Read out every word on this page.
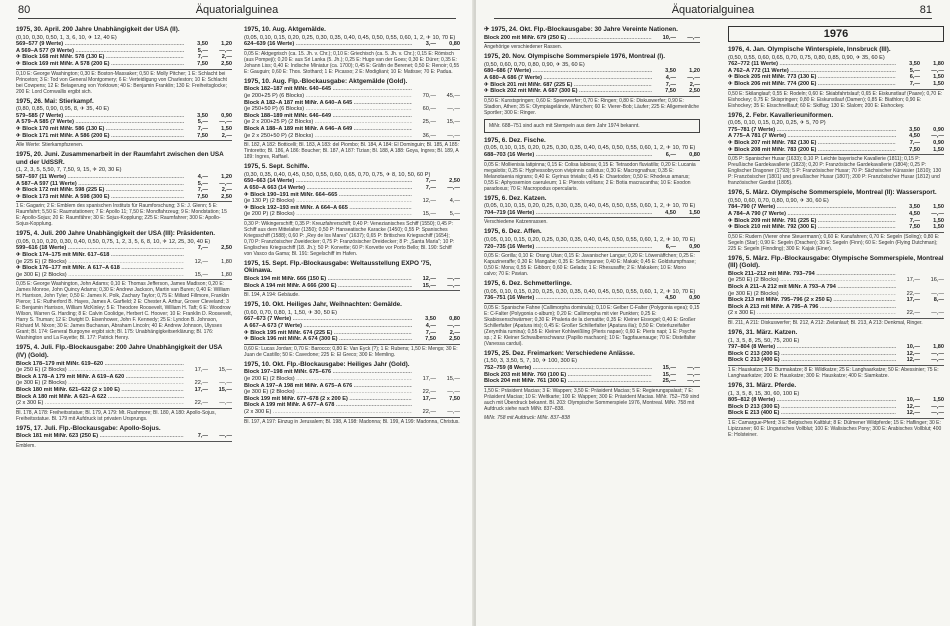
Äquatorialguinea
80
1975, 30. April. 200 Jahre Unabhängigkeit der USA (II).
(0,10, 0,30, 0,50, 1, 3, 6, 10, ✈ 12, 40 E)
569–577 (9 Werte) .....	3,50	1,20
A 569–A 577 (9 Werte) .....	5,—	—,—
✈ Block 168 mit MiNr. 578 (130 E) .....	7,—	2,—
✈ Block 169 mit MiNr. A 578 (200 E) .....	7,50	2,50
0,10 E: George Washington; 0,30 E: Boston-Massaker; 0,50 E: Molly Pitcher; 1 E: Schlacht bei Princeton; 3 E: Tod von General Montgomery; 6 E: Verteidigung von Charleston; 10 E: Schlacht bei Cowpens; 12 E: Belagerung von Yorktown; 40 E: Benjamin Franklin; 130 E: Freiheitsglocke; 200 E: Lord Cornwallis ergibt sich.
1975, 26. Mai: Stierkampf.
(0,80, 0,85, 0,90, 0,95, 8, ✈ 35, 40 E)
579–585 (7 Werte) .....	3,50	0,90
A 579–A 585 (7 Werte) .....	5,—	—,—
✈ Block 170 mit MiNr. 586 (130 E) .....	7,—	1,50
✈ Block 171 mit MiNr. A 586 (200 E) .....	7,50	2,—
Alle Werte: Stierkampfszenen.
1975, 20. Juni. Zusammenarbeit in der Raumfahrt zwischen den USA und der UdSSR.
(1, 2, 3, 5, 5,50, 7, 7,50, 9, 15, ✈ 20, 30 E)
587–597 (11 Werte) .....	4,—	1,20
A 587–A 597 (11 Werte) .....	5,—	—,—
✈ Block 172 mit MiNr. 598 (225 E) .....	7,—	2,—
✈ Block 173 mit MiNr. A 598 (300 E) .....	7,50	2,50
1 E: Gagarin; 2 E: Emblem des spanischen Instituts für Raumforschung; 3 E: J. Glenn; 5 E: Raumfahrt; 5,50 E: Raumstationen; 7 E: Apollo 11; 7,50 E: Mondfahrzeug; 9 E: Mondstation; 15 E: Apollo-Sojus; 20 E: Raumfähre; 30 E: Sojus-Kopplung; 225 E: Raumfahrer; 300 E: Apollo-Sojus-Kopplung.
1975, 4. Juli. 200 Jahre Unabhängigkeit der USA (III): Präsidenten.
(0,05, 0,10, 0,20, 0,30, 0,40, 0,50, 0,75, 1, 2, 3, 5, 6, 8, 10, ✈ 12, 25, 30, 40 E)
599–616 (18 Werte) .....	7,—	2,50
✈ Block 174–175 mit MiNr. 617–618 .....
(je 225 E) (2 Blocks) .....	12,—	1,80
✈ Block 176–177 mit MiNr. A 617–A 618 .....
(je 300 E) (2 Blocks) .....	15,—	1,80
0,05 E: George Washington, John Adams; 0,10 E: Thomas Jefferson, James Madison; 0,20 E: James Monroe, John Quincy Adams; 0,30 E: Andrew Jackson, Martin van Buren; 0,40 E: William H. Harrison, John Tyler; 0,50 E: James K. Polk, Zachary Taylor; 0,75 E: Millard Fillmore, Franklin Pierce; 1 E: Rutherford B. Hayes, James A. Garfield; 2 E: Chester A. Arthur, Grover Cleveland; 3 E: Benjamin Harrison, William McKinley; 5 E: Theodore Roosevelt, William H. Taft; 6 E: Woodrow Wilson, Warren G. Harding; 8 E: Calvin Coolidge, Herbert C. Hoover; 10 E: Franklin D. Roosevelt, Harry S. Truman; 12 E: Dwight D. Eisenhower, John F. Kennedy; 25 E: Lyndon B. Johnson, Richard M. Nixon; 30 E: James Buchanan, Abraham Lincoln; 40 E: Andrew Johnson, Ulysses Grant; Bl. 174: General Burgoyne ergibt sich; Bl. 175: Unabhängigkeitserklärung; Bl. 176: Washington und La Fayette; Bl. 177: Patrick Henry.
1975, 4. Juli. Flp.-Blockausgabe: 200 Jahre Unabhängigkeit der USA (IV) (Gold).
Block 178–179 mit MiNr. 619–620 .....
(je 250 E) (2 Blocks) .....	17,—	15,—
Block A 178–A 179 mit MiNr. A 619–A 620 .....
(je 300 E) (2 Blocks) .....	22,—	—,—
Block 180 mit MiNr. 621–622 (2 x 100 E) .....	17,—	15,—
Block A 180 mit MiNr. A 621–A 622 .....
(2 x 300 E) .....	22,—	—,—
Bl. 178, A 178: Freiheitsstatue; Bl. 179, A 179: Mt. Rushmore; Bl. 180, A 180: Apollo-Sojus, Freiheitsstatue. Bl. 179 mit Aufdruck ist privaten Ursprungs.
1975, 17. Juli. Flp.-Blockausgabe: Apollo-Sojus.
Block 181 mit MiNr. 623 (250 E) .....	7,—	—,—
Emblem.
1975, 10. Aug. Aktgemälde.
(0,05, 0,10, 0,15, 0,20, 0,25, 0,30, 0,35, 0,40, 0,45, 0,50, 0,55, 0,60, 1, 2, ✈ 10, 70 E)
624–639 (16 Werte) .....	3,—	0,80
0,05 E: Aktgegrisch (ca. 15. Jh. v. Chr.); 0,10 E: Griechisch (ca. 5. Jh. v. Chr.); 0,15 E: Römisch (aus Pompeji); 0,20 E: aus Sri Lanka (5. Jh.); 0,25 E: Hugo van der Goes; 0,30 E: Dürer; 0,35 E: Johann Liss; 0,40 E: Indische Miniatur (ca. 1700); 0,45 E: Gräfin de Berenet; 0,50 E: Renoir; 0,55 E: Gauguin; 0,60 E: Thos. Stothard; 1 E: Picasso; 2 E: Modigliani; 10 E: Matisse; 70 E: Padua.
1975, 10. Aug. Flp.-Blockausgabe: Aktgemälde (Gold).
Block 182–187 mit MiNr. 640–645 .....
(je 200+25 P) (6 Blocks) .....	70,—	45,—
Block A 182–A 187 mit MiNr. A 640–A 645 .....
(je 250+50 P) (6 Blocks) .....	60,—	—,—
Block 188–189 mit MiNr. 646–649 .....
(je 2 x 200+25 P) (2 Blocks) .....	25,—	15,—
Block A 188–A 189 mit MiNr. A 646–A 649 .....
(je 2 x 250+50 P) (2 Blocks) .....	36,—	—,—
Bl. 182, A 182: Botticelli; Bl. 183, A 183: del Piombo; Bl. 184, A 184: El Dominguin; Bl. 185, A 185: Tintoretto; Bl. 186, A 186: Boucher; Bl. 187, A 187: Tizian; Bl. 188, A 188: Goya, Ingres; Bl. 189, A 189: Ingres, Raffael.
1975, 5. Sept. Schiffe.
(0,30, 0,35, 0,40, 0,45, 0,50, 0,55, 0,60, 0,65, 0,70, 0,75, ✈ 8, 10, 50, 60 P)
650–663 (14 Werte) .....	7,—	2,50
A 650–A 663 (14 Werte) .....	7,—	—,—
✈ Block 190–191 mit MiNr. 664–665 .....
(je 130 P) (2 Blocks) .....	12,—	4,—
✈ Block 192–193 mit MiNr. A 664–A 665 .....
(je 200 P) (2 Blocks) .....	15,—	5,—
0,30 P: Wikingerschiff; 0,35 P: Kreuzfahrerschiff; 0,40 P: Venezianisches Schiff (1550); 0,45 P: Schiff aus dem Mittelalter (1350); 0,50 P: Hanseatische Karacke (1450); 0,55 P: Spanisches Kriegsschiff (1588); 0,60 P: „Rey de los Mares“ (1637); 0,65 P: Britisches Kriegsschiff (1654); 0,70 P: Französischer Zweidecker; 0,75 P: Französischer Dreidecker; 8 P: „Santa Maria“; 10 P: Englisches Kriegsschiff (18. Jh.); 50 P: Korvette; 60 P: Korvette vor Porto Bello; Bl. 190: Schiff von Vasco da Gama; Bl. 191: Segelschiff im Hafen.
1975, 15. Sept. Flp.-Blockausgabe: Weltausstellung EXPO '75, Okinawa.
Block 194 mit MiNr. 666 (150 E) .....	12,—	—,—
Block A 194 mit MiNr. A 666 (200 E) .....	15,—	—,—
Bl. 194, A 194: Gebäude.
1975, 10. Okt. Heiliges Jahr, Weihnachten: Gemälde.
(0,60, 0,70, 0,80, 1, 1,50, ✈ 30, 50 E)
667–673 (7 Werte) .....	3,50	0,80
A 667–A 673 (7 Werte) .....	4,—	—,—
✈ Block 195 mit MiNr. 674 (225 E) .....	7,—	2,—
✈ Block 196 mit MiNr. A 674 (300 E) .....	7,50	2,50
0,60 E: Lucas Jordan; 0,70 E: Barocco; 0,80 E: Van Eyck (?); 1 E: Rubens; 1,50 E: Mengs; 30 E: Juan de Castillo; 50 E: Cavedone; 225 E: El Greco; 300 E: Memling.
1975, 10. Okt. Flp.-Blockausgabe: Heiliges Jahr (Gold).
Block 197–198 mit MiNr. 675–676 .....
(je 200 E) (2 Blocks) .....	17,—	15,—
Block A 197–A 198 mit MiNr. A 675–A 676 .....
(je 300 E) (2 Blocks) .....	22,—	—,—
Block 199 mit MiNr. 677–678 (2 x 200 E) .....	17,—	7,50
Block A 199 mit MiNr. A 677–A 678 .....
(2 x 300 E) .....	22,—	—,—
Bl. 197, A 197: Einzug in Jerusalem; Bl. 198, A 198: Madonna; Bl. 199, A 199: Madonna, Christus.
Äquatorialguinea	81
✈ 1975, 24. Okt. Flp.-Blockausgabe: 30 Jahre Vereinte Nationen.
Block 200 mit MiNr. 679 (250 E) .....	10,—	—,—
Angehörige verschiedener Rassen.
1975, 20. Nov. Olympische Sommerspiele 1976, Montreal (I).
(0,50, 0,60, 0,70, 0,80, 0,90, ✈ 35, 60 E)
680–686 (7 Werte) .....	3,50	1,20
A 680–A 686 (7 Werte) .....	4,—	—,—
✈ Block 201 mit MiNr. 687 (225 E) .....	7,—	2,—
✈ Block 202 mit MiNr. A 687 (300 E) .....	7,50	2,50
0,50 E: Kunstspringen; 0,60 E: Speerwerfer; 0,70 E: Ringen; 0,80 E: Diskuswerfer; 0,90 E: Stadion, Athen; 35 E: Olympiagelände, München; 60 E: Vierer-Bob; Läufer; 225 E: Allgemeinliche Sportler; 300 E: Ringer.
MiNr. 688–751 sind auch mit Stempeln aus dem Jahr 1974 bekannt.
1975, 6. Dez. Fische.
(0,05, 0,10, 0,15, 0,20, 0,25, 0,30, 0,35, 0,40, 0,45, 0,50, 0,55, 0,60, 1, 2, ✈ 10, 70 E)
688–703 (16 Werte) .....	6,—	0,80
0,05 E: Mollienisia latipinna; 0,15 E: Colisa labiosa; 0,15 E: Tetraodon fluviatilis; 0,20 E: Lucania megalotis; 0,25 E: Hyphessobrycon vivipinnis callistus; 0,30 E: Macrognathus; 0,35 E: Melanotaenia nigrans; 0,40 E: Gyrinus trivialis; 0,45 E: Chaetodon; 0,50 E: Rhodeus amarus; 0,55 E: Aphyosemion caeruleum; 1 E: Pterois volitans; 2 E: Botia macracantha; 10 E: Exodon paradoxus; 70 E: Macropodus opercularis.
1975, 6. Dez. Katzen.
(0,05, 0,10, 0,15, 0,20, 0,25, 0,30, 0,35, 0,40, 0,45, 0,50, 0,55, 0,60, 1, 2, ✈ 10, 70 E)
704–719 (16 Werte) .....	4,50	1,50
Verschiedene Katzenrassen.
1975, 6. Dez. Affen.
(0,05, 0,10, 0,15, 0,20, 0,25, 0,30, 0,35, 0,40, 0,45, 0,50, 0,55, 0,60, 1, 2, ✈ 10, 70 E)
720–735 (16 Werte) .....	6,—	0,90
0,05 E: Gorilla; 0,10 E: Orang Utan; 0,15 E: Javanischer Langur; 0,20 E: Löwenäffchen; 0,25 E: Kapuzineraffe; 0,30 E: Mangabe; 0,35 E: Schimpanse; 0,40 E: Makak; 0,45 E: Goldstumpfnase; 0,50 E: Mona; 0,55 E: Gibbon; 0,60 E: Gelada; 1 E: Rhesusaffe; 2 E: Makaken; 10 E: Mono calvo; 70 E: Pavian.
1975, 6. Dez. Schmetterlinge.
(0,05, 0,10, 0,15, 0,20, 0,25, 0,30, 0,35, 0,40, 0,45, 0,50, 0,55, 0,60, 1, 2, ✈ 10, 70 E)
736–751 (16 Werte) .....	4,50	0,90
0,05 E: Spanische Fahne (Callimorpha dominula); 0,10 E: Gelber C-Falter (Polygonia egea); 0,15 E: C-Falter (Polygonia c-album); 0,20 E: Callimorpha mit vier Punkten; 0,25 E: Skabiosenschwärmer; 0,30 E: Phaleria de la clematite; 0,35 E: Kleiner Eisvogel; 0,40 E: Großer Schillerfalter (Apatura iris); 0,45 E: Großer Schillerfalter (Apatura ilia); 0,50 E: Osterluzeifalter (Zerynthia rumina); 0,55 E: Kleiner Kohlweißling (Pieris napae); 0,60 E: Pieris napi; 1 E: Psyche sp.; 2 E: Kleiner Schwalbenschwanz (Papilio machaon); 10 E: Tagpfauenauge; 70 E: Distelfalter (Vanessa cardui).
1975, 25. Dez. Freimarken: Verschiedene Anlässe.
(1,50, 3, 3,50, 5, 7, 10, ✈ 100, 300 E)
752–759 (8 Werte) .....	15,—	—,—
Block 203 mit MiNr. 760 (100 E) .....	15,—	—,—
Block 204 mit MiNr. 761 (300 E) .....	25,—	—,—
1,50 E: Präsident Macias; 3 E: Wappen; 3,50 E: Präsident Macias; 5 E: Regierungspalast; 7 E: Präsident Macias; 10 E: Weltkarte; 100 E: Wappen; 300 E: Präsident Macias. MiNr. 752–759 sind auch mit Überdruck bekannt. Bl. 203: Olympische Sommerspiele 1976, Montreal. MiNr. 758 mit Aufdruck siehe nach MiNr. 837–838.
MiNr. 758 mit Aufdruck: MiNr. 837–838
1976
1976, 4. Jan. Olympische Winterspiele, Innsbruck (III).
(0,50, 0,55, 0,60, 0,65, 0,70, 0,75, 0,80, 0,85, 0,90, ✈ 35, 60 E)
762–772 (11 Werte) .....	3,50	1,80
A 762–A 772 (11 Werte) .....	5,—	—,—
✈ Block 205 mit MiNr. 773 (130 E) .....	6,—	1,50
✈ Block 206 mit MiNr. 774 (200 E) .....	7,—	1,50
0,50 E: Skilanglauf; 0,55 E: Rodeln; 0,60 E: Skiabfahrtslauf; 0,65 E: Eiskunstlauf (Paare); 0,70 E: Eishockey; 0,75 E: Skispringen; 0,80 E: Eiskunstlauf (Damen); 0,85 E: Biathlon; 0,90 E: Eishockey; 35 E: Eisschnelllauf; 60 E: Skiflug; 130 E: Slalom; 200 E: Eishockey.
1976, 2. Febr. Kavallerieuniformen.
(0,05, 0,10, 0,15, 0,20, 0,25, ✈ 5, 70 P)
775–781 (7 Werte) .....	3,50	0,90
A 775–A 781 (7 Werte) .....	4,50	—,—
✈ Block 207 mit MiNr. 782 (130 E) .....	7,—	0,90
✈ Block 208 mit MiNr. 783 (200 E) .....	7,50	1,50
0,05 P: Spanischer Husar (1633); 0,10 P: Leichte bayerische Kavallerie (1811); 0,15 P: Preußische Gardekavallerie (1823); 0,20 P: Französische Gardekavallerie (1804); 0,25 P: Englischer Dragoner (1793); 5 P: Französischer Husar; 70 P: Sächsischer Kürassier (1810); 130 P: Französischer (1801) und preußischer Husar (1807); 200 P: Französischer Husar (1812) und französischer Gardist (1805).
1976, 5. März. Olympische Sommerspiele, Montreal (II): Wassersport.
(0,50, 0,60, 0,70, 0,80, 0,90, ✈ 30, 60 E)
784–790 (7 Werte) .....	3,50	1,50
A 784–A 790 (7 Werte) .....	4,50	—,—
✈ Block 209 mit MiNr. 791 (225 E) .....	7,—	1,50
✈ Block 210 mit MiNr. 792 (300 E) .....	7,50	1,50
0,50 E: Rudern (Vierer ohne Steuermann); 0,60 E: Kanufahren; 0,70 E: Segeln (Soling); 0,80 E: Segeln (Star); 0,90 E: Segeln (Drachen); 30 E: Segeln (Finn); 60 E: Segeln (Flying Dutchman); 225 E: Segeln (Finnding); 300 E: Kajak (Einer).
1976, 5. März. Flp.-Blockausgabe: Olympische Sommerspiele, Montreal (III) (Gold).
Block 211–212 mit MiNr. 793–794 .....
(je 250 E) (2 Blocks) .....	17,—	16,—
Block A 211–A 212 mit MiNr. A 793–A 794 .....
(je 300 E) (2 Blocks) .....	22,—	—,—
Block 213 mit MiNr. 795–796 (2 x 250 E) .....	17,—	8,—
Block A 213 mit MiNr. A 795–A 796 .....
(2 x 300 E) .....	22,—	—,—
Bl. 211, A 211: Diskuswerfer; Bl. 212, A 212: Zielanlauf; Bl. 213, A 213: Denkmal, Ringer.
1976, 31. März. Katzen.
(1, 3, 5, 8, 25, 50, 75, 200 E)
797–804 (8 Werte) .....	10,—	1,80
Block C 213 (200 E) .....	12,—	—,—
Block C 213 (400 E) .....	12,—	—,—
1 E: Hauskatze; 3 E: Burmakatze; 8 E: Wildkatze; 25 E: Langhaarkatze; 50 E: Abessinier; 75 E: Langhaarkatze; 200 E: Hauskatze; 300 E: Hauskatze; 400 E: Siamkatze.
1976, 31. März. Pferde.
(1, 3, 5, 8, 15, 30, 60, 100 E)
805–812 (8 Werte) .....	10,—	1,50
Block D 213 (300 E) .....	12,—	—,—
Block E 213 (400 E) .....	12,—	—,—
1 E: Camargue-Pferd; 3 E: Belgisches Kaltblut; 8 E: Dülmener Wildpferde; 15 E: Haflinger; 30 E: Lipizzaner; 60 E: Ungarisches Vollblut; 100 E: Walisisches Pony; 300 E: Arabisches Vollblut; 400 E: Holsteiner.
